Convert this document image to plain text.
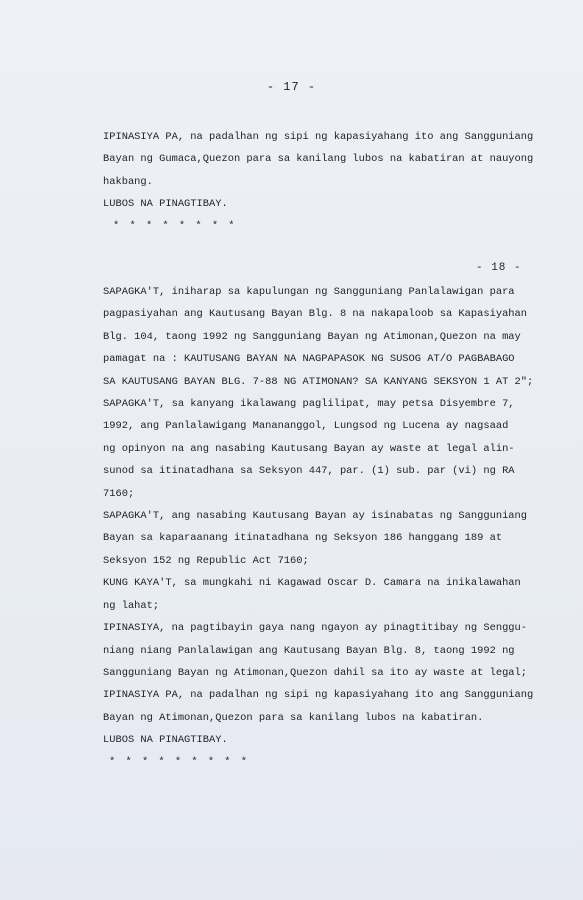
- 17 -
IPINASIYA PA, na padalhan ng sipi ng kapasiyahang ito ang Sangguniang
Bayan ng Gumaca,Quezon para sa kanilang lubos na kabatiran at nauyong
hakbang.
LUBOS NA PINAGTIBAY.
* * * * * * * *
- 18 -
SAPAGKA'T, iniharap sa kapulungan ng Sangguniang Panlalawigan para
pagpasiyahan ang Kautusang Bayan Blg. 8 na nakapaloob sa Kapasiyahan
Blg. 104, taong 1992 ng Sangguniang Bayan ng Atimonan,Quezon na may
pamagat na : KAUTUSANG BAYAN NA NAGPAPASOK NG SUSOG AT/O PAGBABAGO
SA KAUTUSANG BAYAN BLG. 7-88 NG ATIMONAN? SA KANYANG SEKSYON 1 AT 2";
SAPAGKA'T, sa kanyang ikalawang paglilipat, may petsa Disyembre 7,
1992, ang Panlalawigang Manananggol, Lungsod ng Lucena ay nagsaad
ng opinyon na ang nasabing Kautusang Bayan ay waste at legal alin-
sunod sa itinatadhana sa Seksyon 447, par. (1) sub. par (vi) ng RA
7160;
SAPAGKA'T, ang nasabing Kautusang Bayan ay isinabatas ng Sangguniang
Bayan sa kaparaanang itinatadhana ng Seksyon 186 hanggang 189 at
Seksyon 152 ng Republic Act 7160;
KUNG KAYA'T, sa mungkahi ni Kagawad Oscar D. Camara na inikalawahan
ng lahat;
IPINASIYA, na pagtibayin gaya nang ngayon ay pinagtitibay ng Senggu-
niang niang Panlalawigan ang Kautusang Bayan Blg. 8, taong 1992 ng
Sangguniang Bayan ng Atimonan,Quezon dahil sa ito ay waste at legal;
IPINASIYA PA, na padalhan ng sipi ng kapasiyahang ito ang Sangguniang
Bayan ng Atimonan,Quezon para sa kanilang lubos na kabatiran.
LUBOS NA PINAGTIBAY.
* * * * * * * * *
